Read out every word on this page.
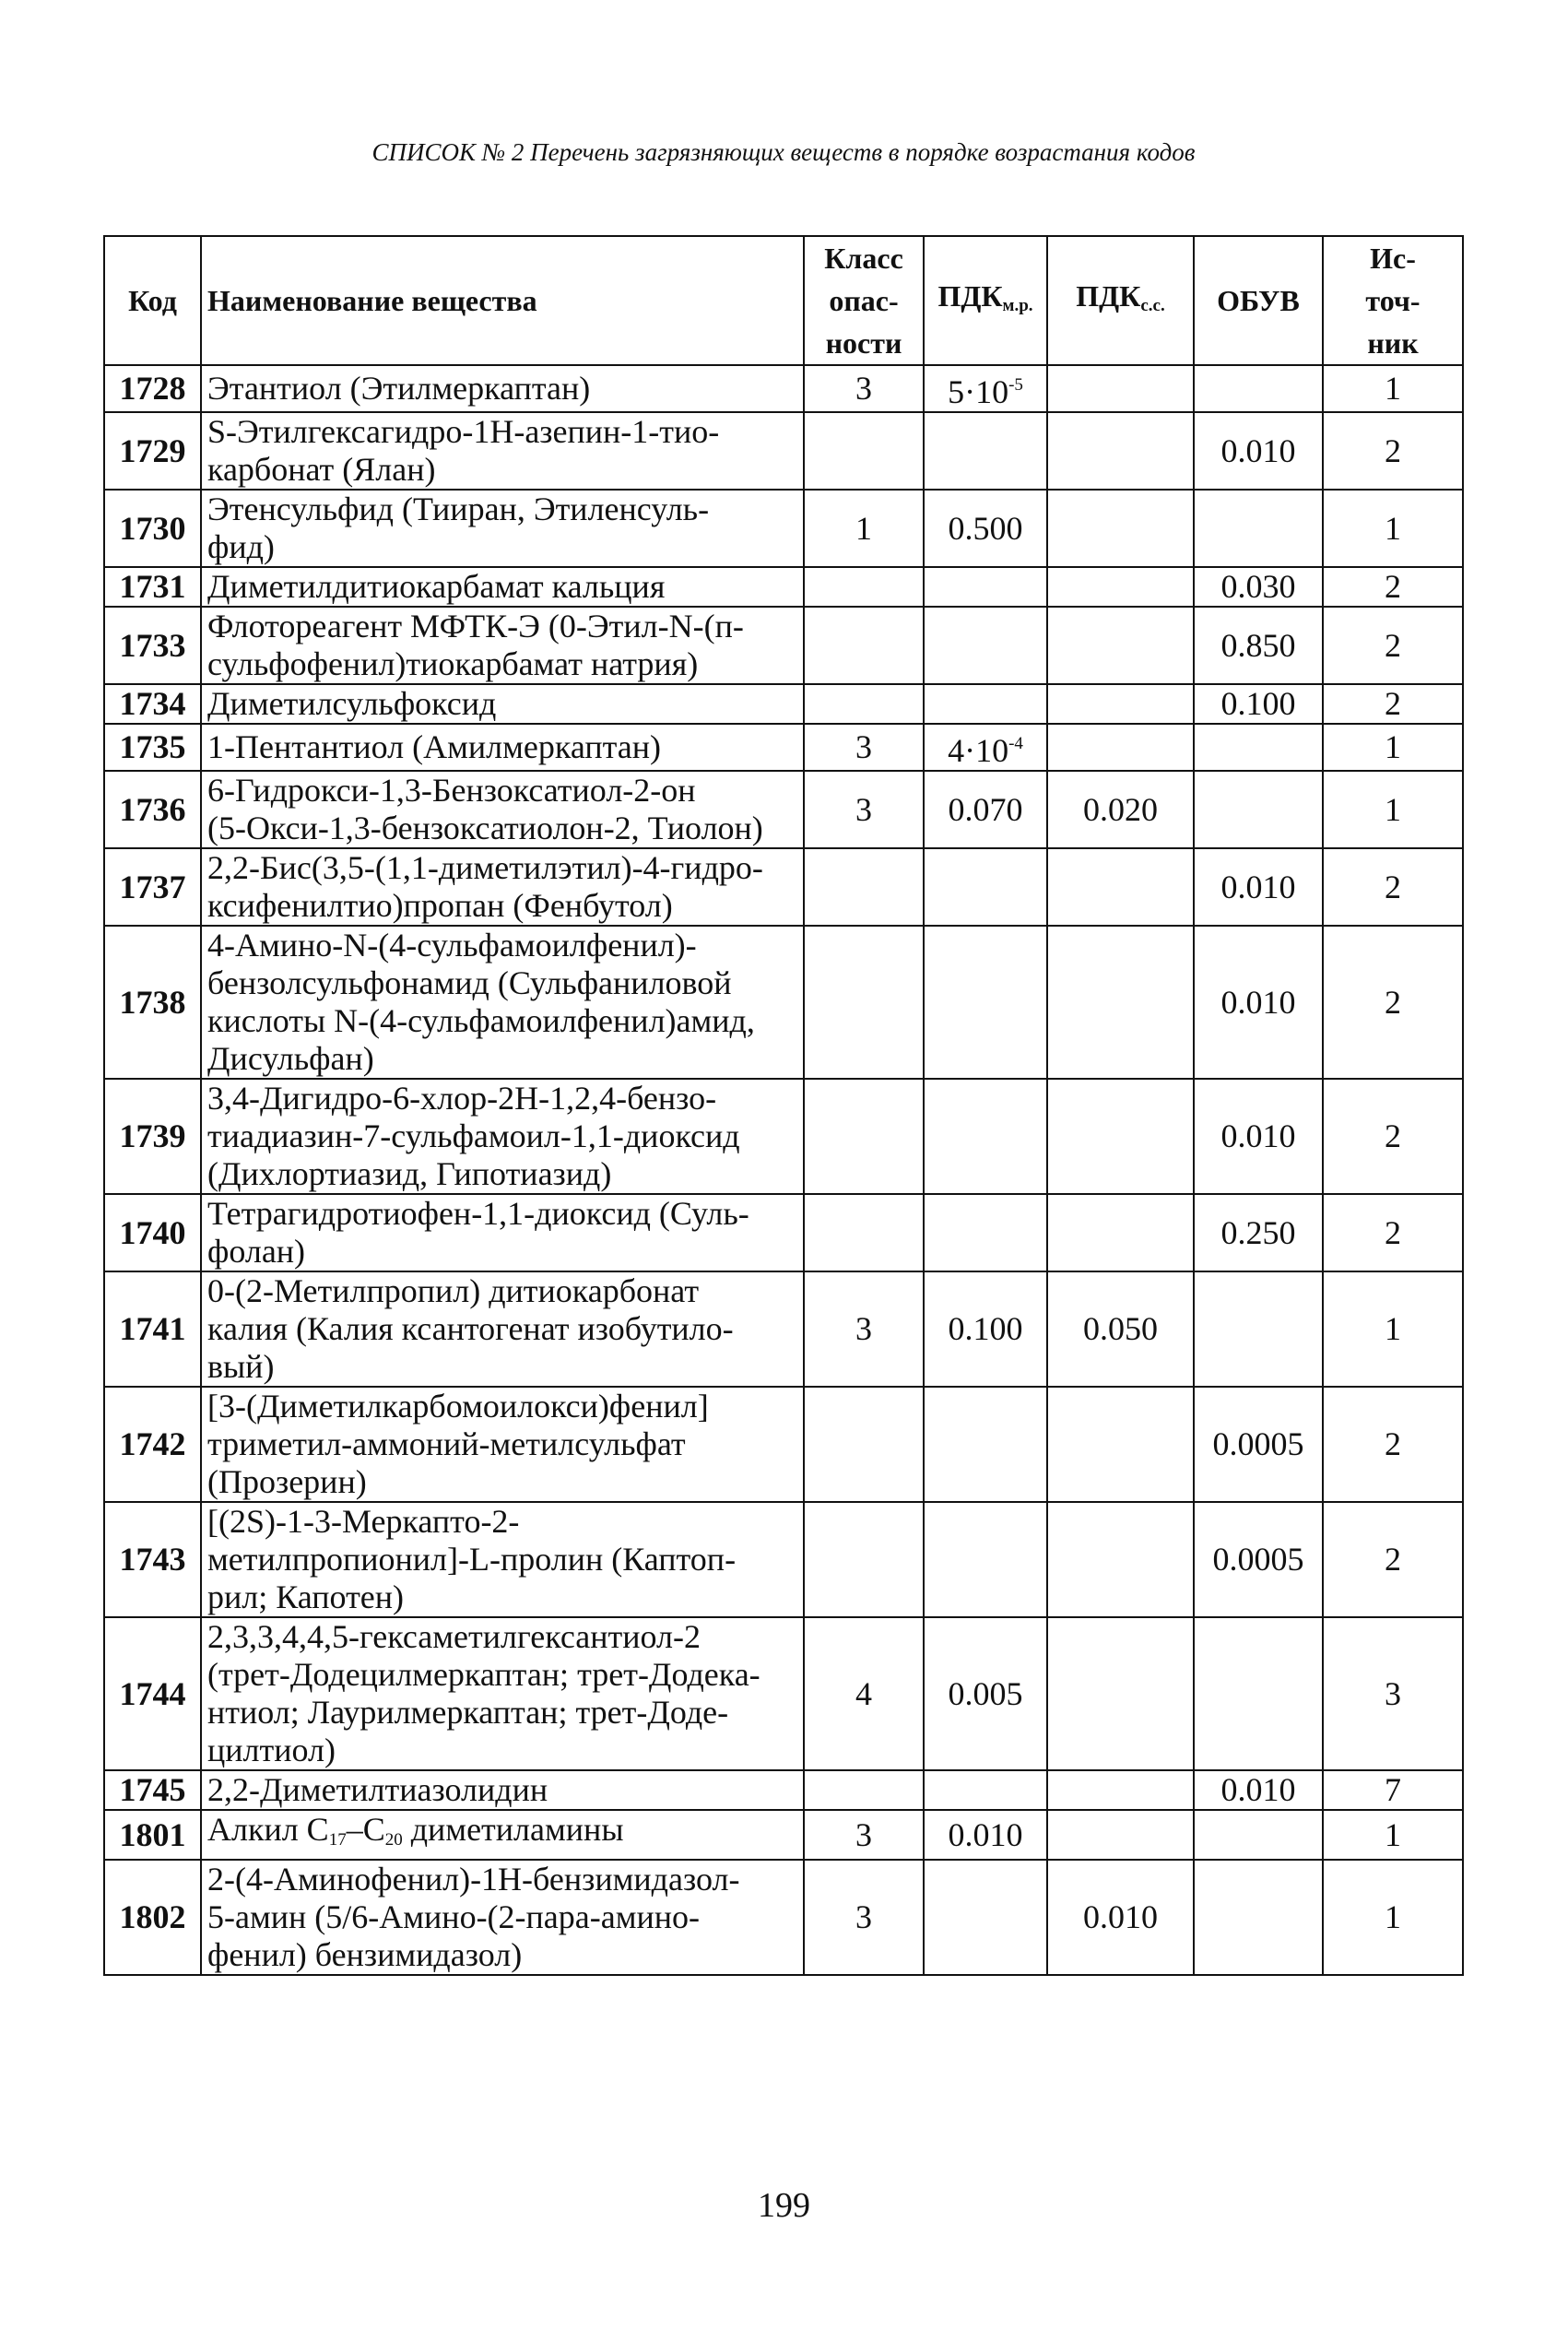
СПИСОК № 2 Перечень загрязняющих веществ в порядке возрастания кодов
Код	Наименование вещества	Класс
опас-
ности	$ПДК_{м.р.}$	$ПДК_{с.с.}$	ОБУВ	Ис-
точ-
ник
1728	Этантиол (Этилмеркаптан)	3	$5\cdot 10^{-5}$			1
1729	S-Этилгексагидро-1Н-азепин-1-тио-
карбонат (Ялан)				0.010	2
1730	Этенсульфид (Тииран, Этиленсуль-
фид)	1	0.500			1
1731	Диметилдитиокарбамат кальция				0.030	2
1733	Флотореагент МФТК-Э (0-Этил-N-(п-
сульфофенил)тиокарбамат натрия)				0.850	2
1734	Диметилсульфоксид				0.100	2
1735	1-Пентантиол (Амилмеркаптан)	3	$4\cdot 10^{-4}$			1
1736	6-Гидрокси-1,3-Бензоксатиол-2-он
(5-Окси-1,3-бензоксатиолон-2, Тиолон)	3	0.070	0.020		1
1737	2,2-Бис(3,5-(1,1-диметилэтил)-4-гидро-
ксифенилтио)пропан (Фенбутол)				0.010	2
1738	4-Амино-N-(4-сульфамоилфенил)-
бензолсульфонамид (Сульфаниловой
кислоты N-(4-сульфамоилфенил)амид,
Дисульфан)				0.010	2
1739	3,4-Дигидро-6-хлор-2Н-1,2,4-бензо-
тиадиазин-7-сульфамоил-1,1-диоксид
(Дихлортиазид, Гипотиазид)				0.010	2
1740	Тетрагидротиофен-1,1-диоксид (Суль-
фолан)				0.250	2
1741	0-(2-Метилпропил) дитиокарбонат
калия (Калия ксантогенат изобутило-
вый)	3	0.100	0.050		1
1742	[3-(Диметилкарбомоилокси)фенил]
триметил-аммоний-метилсульфат
(Прозерин)				0.0005	2
1743	[(2S)-1-3-Меркапто-2-
метилпропионил]-L-пролин (Каптоп-
рил; Капотен)				0.0005	2
1744	2,3,3,4,4,5-гексаметилгексантиол-2
(трет-Додецилмеркаптан; трет-Додека-
нтиол; Лаурилмеркаптан; трет-Доде-
цилтиол)	4	0.005			3
1745	2,2-Диметилтиазолидин				0.010	7
1801	Алкил $С_{17}-С_{20}$ диметиламины	3	0.010			1
1802	2-(4-Аминофенил)-1Н-бензимидазол-
5-амин (5/6-Амино-(2-пара-амино-
фенил) бензимидазол)	3		0.010		1
199
